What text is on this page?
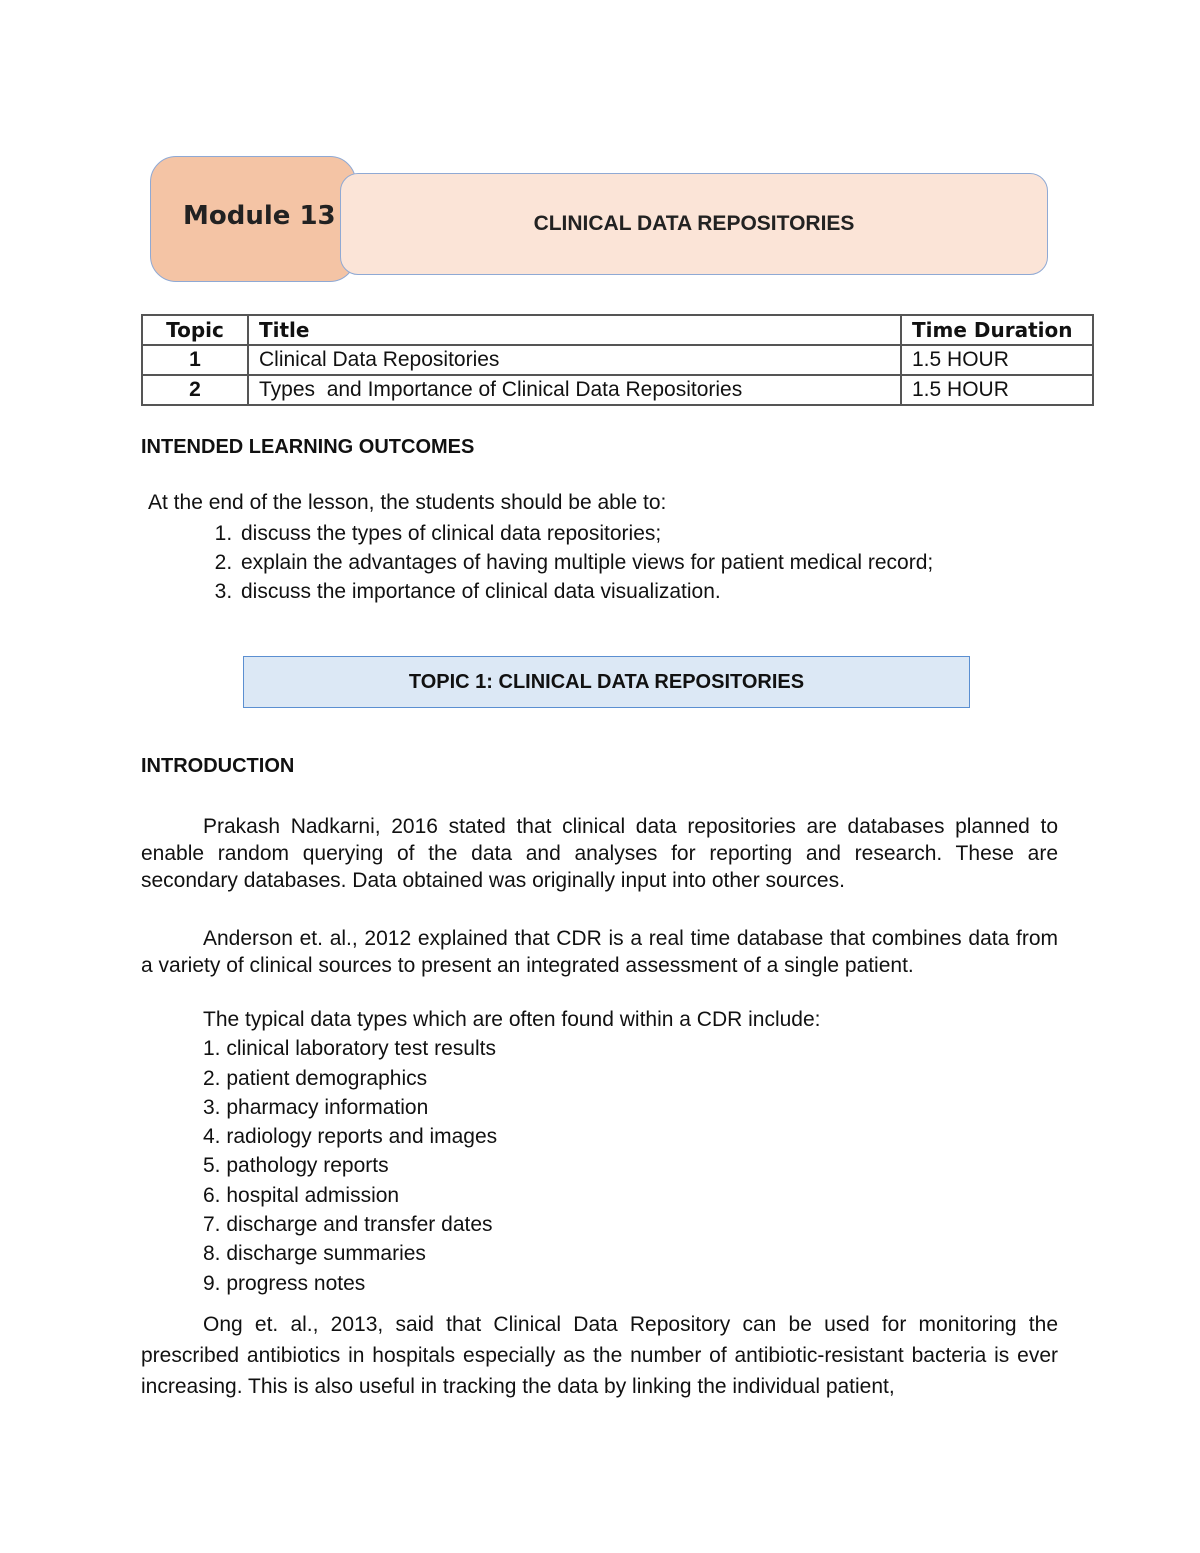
Module 13	CLINICAL DATA REPOSITORIES
Topic	Title	Time Duration
1	Clinical Data Repositories	1.5 HOUR
2	Types  and Importance of Clinical Data Repositories	1.5 HOUR
INTENDED LEARNING OUTCOMES
At the end of the lesson, the students should be able to:
1. discuss the types of clinical data repositories;
2. explain the advantages of having multiple views for patient medical record;
3. discuss the importance of clinical data visualization.
TOPIC 1: CLINICAL DATA REPOSITORIES
INTRODUCTION
Prakash Nadkarni, 2016 stated that clinical data repositories are databases planned to enable random querying of the data and analyses for reporting and research. These are secondary databases. Data obtained was originally input into other sources.
Anderson et. al., 2012 explained that CDR is a real time database that combines data from a variety of clinical sources to present an integrated assessment of a single patient.
The typical data types which are often found within a CDR include:
1. clinical laboratory test results
2. patient demographics
3. pharmacy information
4. radiology reports and images
5. pathology reports
6. hospital admission
7. discharge and transfer dates
8. discharge summaries
9. progress notes
Ong et. al., 2013, said that Clinical Data Repository can be used for monitoring the prescribed antibiotics in hospitals especially as the number of antibiotic-resistant bacteria is ever increasing. This is also useful in tracking the data by linking the individual patient,
